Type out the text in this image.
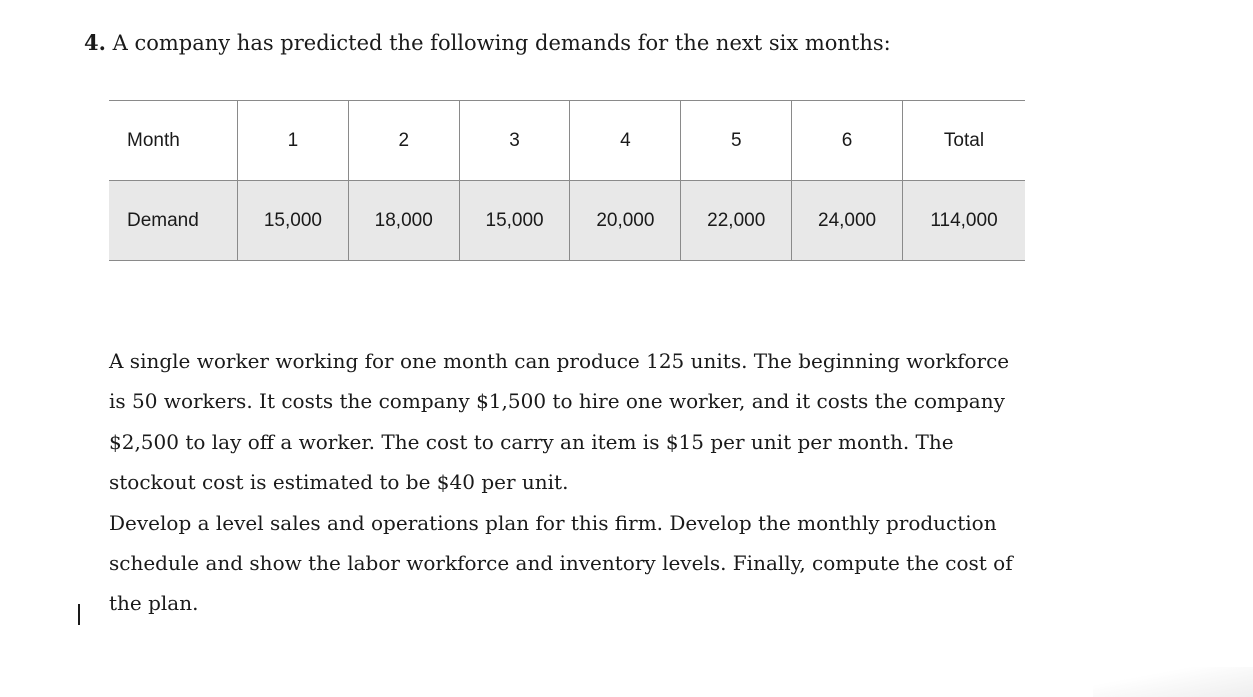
4. A company has predicted the following demands for the next six months:
Month	1	2	3	4	5	6	Total
Demand	15,000	18,000	15,000	20,000	22,000	24,000	114,000

A single worker working for one month can produce 125 units. The beginning workforce is 50 workers. It costs the company $1,500 to hire one worker, and it costs the company $2,500 to lay off a worker. The cost to carry an item is $15 per unit per month. The stockout cost is estimated to be $40 per unit.

Develop a level sales and operations plan for this firm. Develop the monthly production schedule and show the labor workforce and inventory levels. Finally, compute the cost of the plan.
